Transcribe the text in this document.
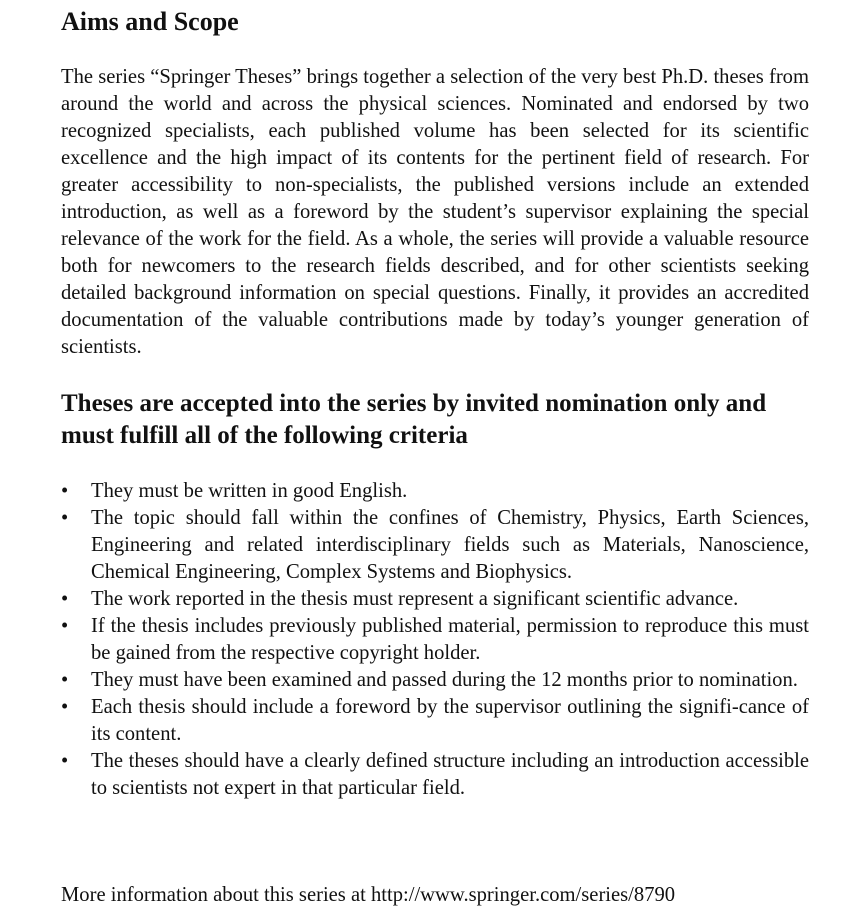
Aims and Scope

The series “Springer Theses” brings together a selection of the very best Ph.D. theses from around the world and across the physical sciences. Nominated and endorsed by two recognized specialists, each published volume has been selected for its scientific excellence and the high impact of its contents for the pertinent field of research. For greater accessibility to non-specialists, the published versions include an extended introduction, as well as a foreword by the student’s supervisor explaining the special relevance of the work for the field. As a whole, the series will provide a valuable resource both for newcomers to the research fields described, and for other scientists seeking detailed background information on special questions. Finally, it provides an accredited documentation of the valuable contributions made by today’s younger generation of scientists.

Theses are accepted into the series by invited nomination only and must fulfill all of the following criteria
•	They must be written in good English.
•	The topic should fall within the confines of Chemistry, Physics, Earth Sciences, Engineering and related interdisciplinary fields such as Materials, Nanoscience, Chemical Engineering, Complex Systems and Biophysics.
•	The work reported in the thesis must represent a significant scientific advance.
•	If the thesis includes previously published material, permission to reproduce this must be gained from the respective copyright holder.
•	They must have been examined and passed during the 12 months prior to nomination.
•	Each thesis should include a foreword by the supervisor outlining the signifi-cance of its content.
•	The theses should have a clearly defined structure including an introduction accessible to scientists not expert in that particular field.

More information about this series at http://www.springer.com/series/8790
